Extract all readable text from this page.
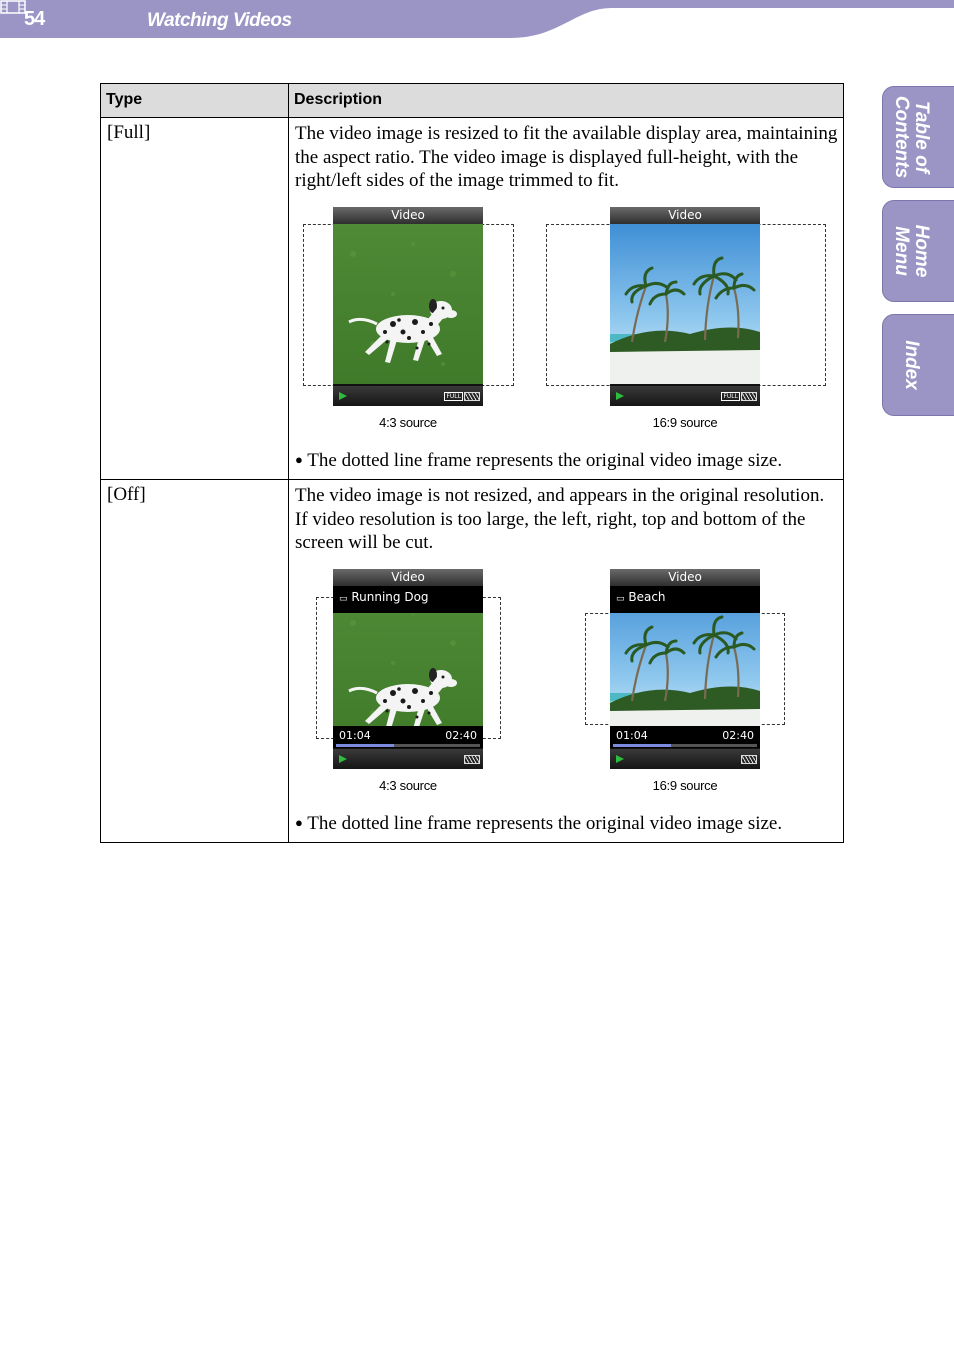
54	Watching Videos
Table of
Contents
Home
Menu
Index
Type	Description
[Full]	The video image is resized to fit the available display area, maintaining the aspect ratio. The video image is displayed full-height, with the right/left sides of the image trimmed to fit.
Video
FULL
4:3 source
Video
FULL
16:9 source
● The dotted line frame represents the original video image size.
[Off]	The video image is not resized, and appears in the original resolution. If video resolution is too large, the left, right, top and bottom of the screen will be cut.
Video
▭ Running Dog
01:04	02:40
4:3 source
Video
▭ Beach
01:04	02:40
16:9 source
● The dotted line frame represents the original video image size.
